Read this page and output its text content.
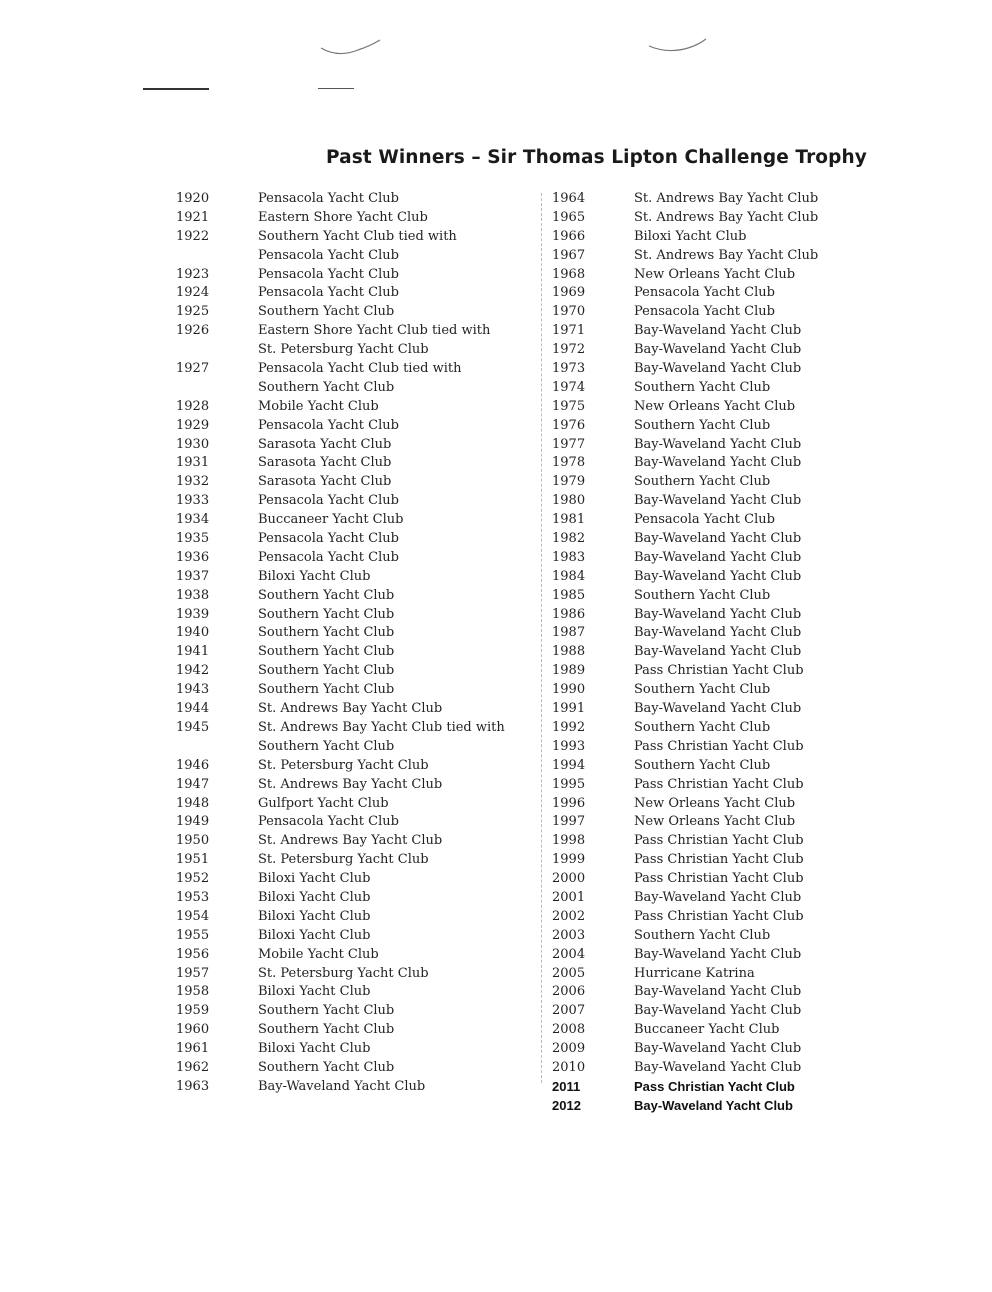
Past Winners – Sir Thomas Lipton Challenge Trophy
1920	Pensacola Yacht Club
1921	Eastern Shore Yacht Club
1922	Southern Yacht Club tied with
Pensacola Yacht Club
1923	Pensacola Yacht Club
1924	Pensacola Yacht Club
1925	Southern Yacht Club
1926	Eastern Shore Yacht Club tied with
St. Petersburg Yacht Club
1927	Pensacola Yacht Club tied with
Southern Yacht Club
1928	Mobile Yacht Club
1929	Pensacola Yacht Club
1930	Sarasota Yacht Club
1931	Sarasota Yacht Club
1932	Sarasota Yacht Club
1933	Pensacola Yacht Club
1934	Buccaneer Yacht Club
1935	Pensacola Yacht Club
1936	Pensacola Yacht Club
1937	Biloxi Yacht Club
1938	Southern Yacht Club
1939	Southern Yacht Club
1940	Southern Yacht Club
1941	Southern Yacht Club
1942	Southern Yacht Club
1943	Southern Yacht Club
1944	St. Andrews Bay Yacht Club
1945	St. Andrews Bay Yacht Club tied with
Southern Yacht Club
1946	St. Petersburg Yacht Club
1947	St. Andrews Bay Yacht Club
1948	Gulfport Yacht Club
1949	Pensacola Yacht Club
1950	St. Andrews Bay Yacht Club
1951	St. Petersburg Yacht Club
1952	Biloxi Yacht Club
1953	Biloxi Yacht Club
1954	Biloxi Yacht Club
1955	Biloxi Yacht Club
1956	Mobile Yacht Club
1957	St. Petersburg Yacht Club
1958	Biloxi Yacht Club
1959	Southern Yacht Club
1960	Southern Yacht Club
1961	Biloxi Yacht Club
1962	Southern Yacht Club
1963	Bay-Waveland Yacht Club
1964	St. Andrews Bay Yacht Club
1965	St. Andrews Bay Yacht Club
1966	Biloxi Yacht Club
1967	St. Andrews Bay Yacht Club
1968	New Orleans Yacht Club
1969	Pensacola Yacht Club
1970	Pensacola Yacht Club
1971	Bay-Waveland Yacht Club
1972	Bay-Waveland Yacht Club
1973	Bay-Waveland Yacht Club
1974	Southern Yacht Club
1975	New Orleans Yacht Club
1976	Southern Yacht Club
1977	Bay-Waveland Yacht Club
1978	Bay-Waveland Yacht Club
1979	Southern Yacht Club
1980	Bay-Waveland Yacht Club
1981	Pensacola Yacht Club
1982	Bay-Waveland Yacht Club
1983	Bay-Waveland Yacht Club
1984	Bay-Waveland Yacht Club
1985	Southern Yacht Club
1986	Bay-Waveland Yacht Club
1987	Bay-Waveland Yacht Club
1988	Bay-Waveland Yacht Club
1989	Pass Christian Yacht Club
1990	Southern Yacht Club
1991	Bay-Waveland Yacht Club
1992	Southern Yacht Club
1993	Pass Christian Yacht Club
1994	Southern Yacht Club
1995	Pass Christian Yacht Club
1996	New Orleans Yacht Club
1997	New Orleans Yacht Club
1998	Pass Christian Yacht Club
1999	Pass Christian Yacht Club
2000	Pass Christian Yacht Club
2001	Bay-Waveland Yacht Club
2002	Pass Christian Yacht Club
2003	Southern Yacht Club
2004	Bay-Waveland Yacht Club
2005	Hurricane Katrina
2006	Bay-Waveland Yacht Club
2007	Bay-Waveland Yacht Club
2008	Buccaneer Yacht Club
2009	Bay-Waveland Yacht Club
2010	Bay-Waveland Yacht Club
2011	Pass Christian Yacht Club
2012	Bay-Waveland Yacht Club
